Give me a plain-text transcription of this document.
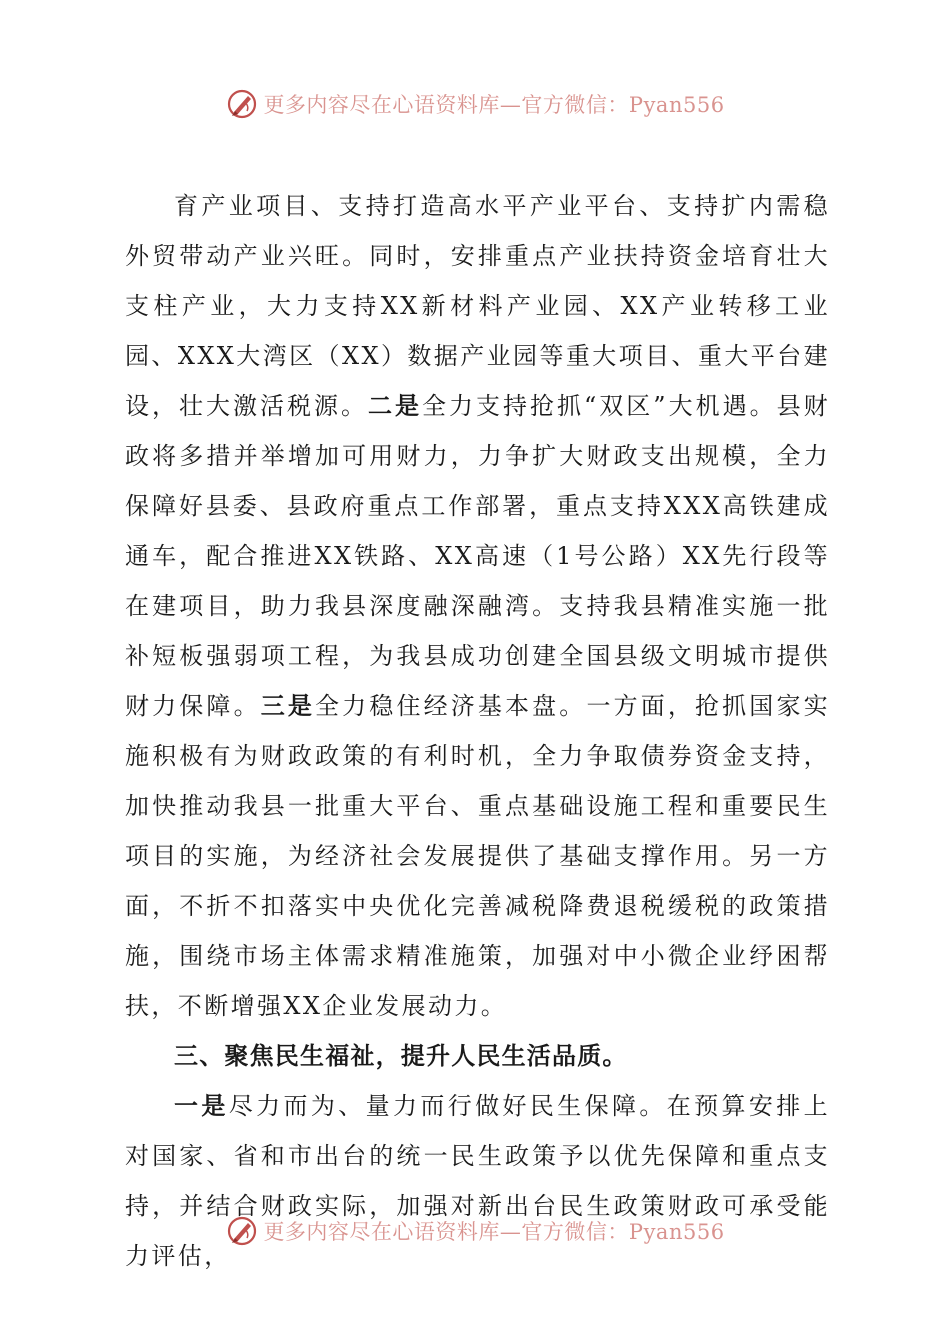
更多内容尽在心语资料库—官方微信：Pyan556

育产业项目、支持打造高水平产业平台、支持扩内需稳外贸带动产业兴旺。同时，安排重点产业扶持资金培育壮大支柱产业，大力支持XX新材料产业园、XX产业转移工业园、XXX大湾区（XX）数据产业园等重大项目、重大平台建设，壮大激活税源。二是全力支持抢抓“双区”大机遇。县财政将多措并举增加可用财力，力争扩大财政支出规模，全力保障好县委、县政府重点工作部署，重点支持XXX高铁建成通车，配合推进XX铁路、XX高速（1号公路）XX先行段等在建项目，助力我县深度融深融湾。支持我县精准实施一批补短板强弱项工程，为我县成功创建全国县级文明城市提供财力保障。三是全力稳住经济基本盘。一方面，抢抓国家实施积极有为财政政策的有利时机，全力争取债券资金支持，加快推动我县一批重大平台、重点基础设施工程和重要民生项目的实施，为经济社会发展提供了基础支撑作用。另一方面，不折不扣落实中央优化完善减税降费退税缓税的政策措施，围绕市场主体需求精准施策，加强对中小微企业纾困帮扶，不断增强XX企业发展动力。

三、聚焦民生福祉，提升人民生活品质。

一是尽力而为、量力而行做好民生保障。在预算安排上对国家、省和市出台的统一民生政策予以优先保障和重点支持，并结合财政实际，加强对新出台民生政策财政可承受能力评估，

更多内容尽在心语资料库—官方微信：Pyan556
